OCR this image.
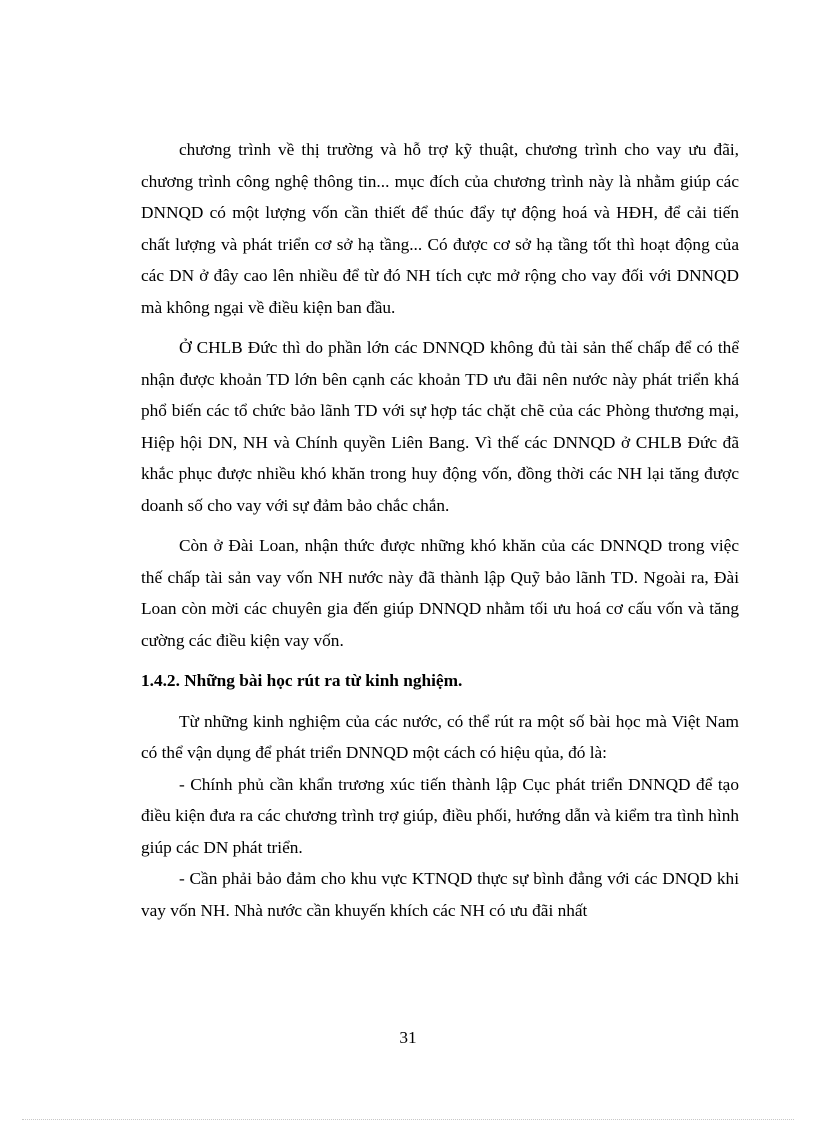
chương trình về thị trường và hỗ trợ kỹ thuật, chương trình cho vay ưu đãi, chương trình công nghệ thông tin... mục đích của chương trình này là nhằm giúp các DNNQD có một lượng vốn cần thiết để thúc đẩy tự động hoá và HĐH, để cải tiến chất lượng và phát triển cơ sở hạ tầng... Có được cơ sở hạ tầng tốt thì hoạt động của các DN ở đây cao lên nhiều để từ đó NH tích cực mở rộng cho vay đối với DNNQD mà không ngại về điều kiện ban đầu.

Ở CHLB Đức thì do phần lớn các DNNQD không đủ tài sản thế chấp để có thể nhận được khoản TD lớn bên cạnh các khoản TD ưu đãi nên nước này phát triển khá phổ biến các tổ chức bảo lãnh TD với sự hợp tác chặt chẽ của các Phòng thương mại, Hiệp hội DN, NH và Chính quyền Liên Bang. Vì thế các DNNQD ở CHLB Đức đã khắc phục được nhiều khó khăn trong huy động vốn, đồng thời các NH lại tăng được doanh số cho vay với sự đảm bảo chắc chắn.

Còn ở Đài Loan, nhận thức được những khó khăn của các DNNQD trong việc thế chấp tài sản vay vốn NH nước này đã thành lập Quỹ bảo lãnh TD. Ngoài ra, Đài Loan còn mời các chuyên gia đến giúp DNNQD nhằm tối ưu hoá cơ cấu vốn và tăng cường các điều kiện vay vốn.

1.4.2. Những bài học rút ra từ kinh nghiệm.

Từ những kinh nghiệm của các nước, có thể rút ra một số bài học mà Việt Nam có thể vận dụng để phát triển DNNQD một cách có hiệu qủa, đó là:

- Chính phủ cần khẩn trương xúc tiến thành lập Cục phát triển DNNQD để tạo điều kiện đưa ra các chương trình trợ giúp, điều phối, hướng dẫn và kiểm tra tình hình giúp các DN phát triển.

- Cần phải bảo đảm cho khu vực KTNQD thực sự bình đẳng với các DNQD khi vay vốn NH. Nhà nước cần khuyến khích các NH có ưu đãi nhất

31
